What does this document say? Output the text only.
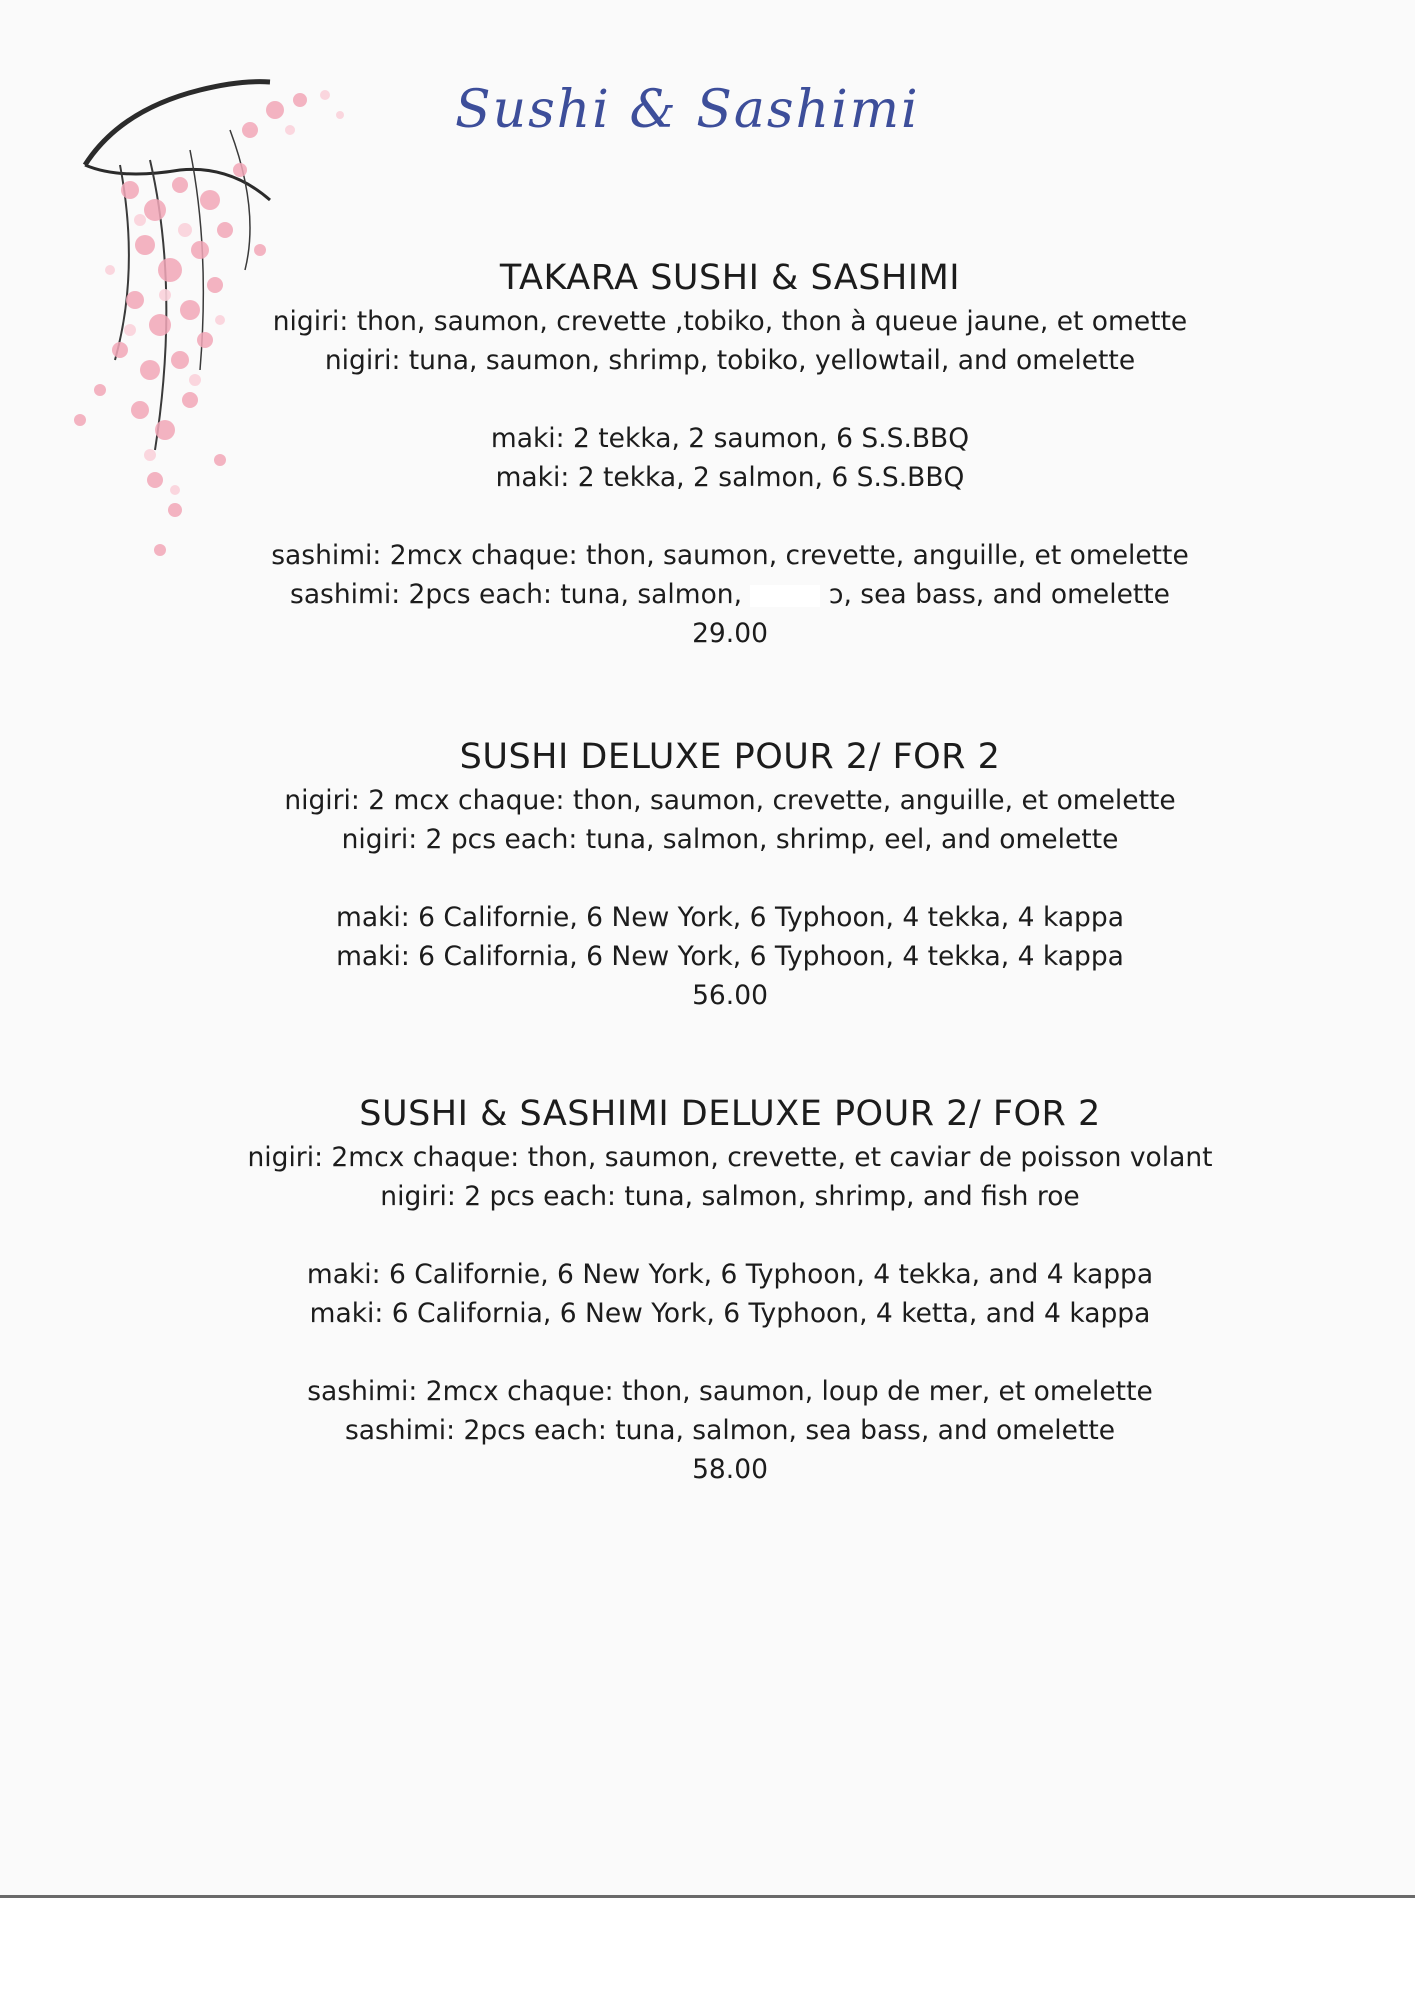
Sushi & Sashimi
TAKARA SUSHI & SASHIMI

nigiri: thon, saumon, crevette ,tobiko, thon à queue jaune, et omette

nigiri: tuna, saumon, shrimp, tobiko, yellowtail, and omelette

maki: 2 tekka, 2 saumon, 6 S.S.BBQ

maki: 2 tekka, 2 salmon, 6 S.S.BBQ

sashimi: 2mcx chaque: thon, saumon, crevette, anguille, et omelette

sashimi: 2pcs each: tuna, salmon,	ɔ, sea bass, and omelette

29.00

SUSHI DELUXE POUR 2/ FOR 2

nigiri: 2 mcx chaque: thon, saumon, crevette, anguille, et omelette

nigiri: 2 pcs each: tuna, salmon, shrimp, eel, and omelette

maki: 6 Californie, 6 New York, 6 Typhoon, 4 tekka, 4 kappa

maki: 6 California, 6 New York, 6 Typhoon, 4 tekka, 4 kappa

56.00

SUSHI & SASHIMI DELUXE POUR 2/ FOR 2

nigiri: 2mcx chaque: thon, saumon, crevette, et caviar de poisson volant

nigiri: 2 pcs each: tuna, salmon, shrimp, and fish roe

maki: 6 Californie, 6 New York, 6 Typhoon, 4 tekka, and 4 kappa

maki: 6 California, 6 New York, 6 Typhoon, 4 ketta, and 4 kappa

sashimi: 2mcx chaque: thon, saumon, loup de mer, et omelette

sashimi: 2pcs each: tuna, salmon, sea bass, and omelette

58.00
